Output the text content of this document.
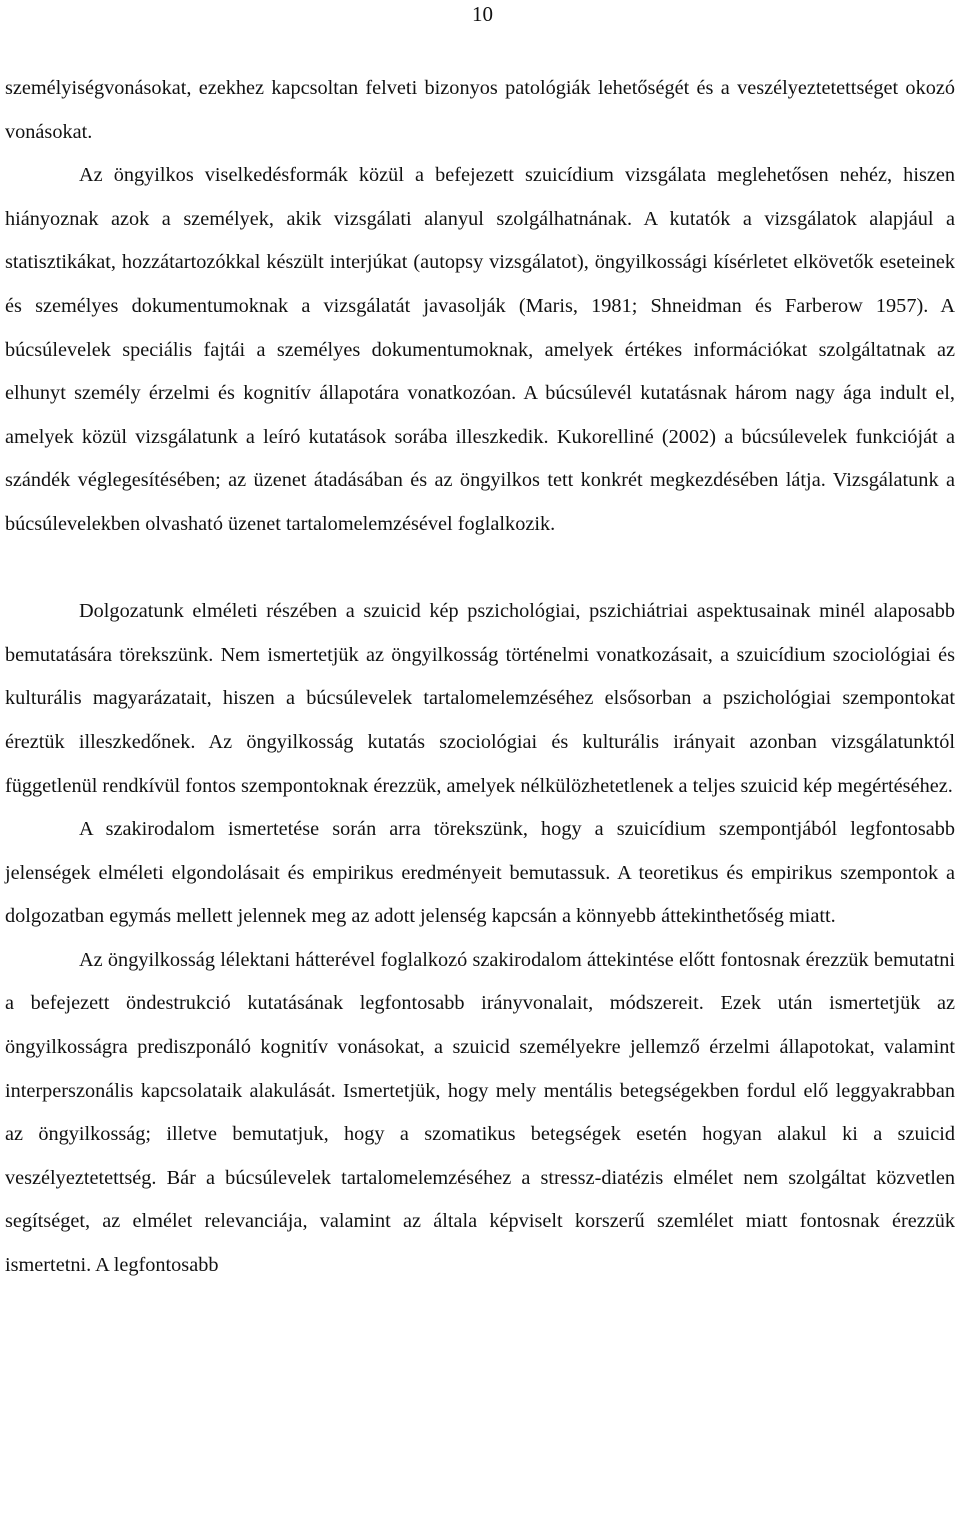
10

személyiségvonásokat, ezekhez kapcsoltan felveti bizonyos patológiák lehetőségét és a veszélyeztetettséget okozó vonásokat.

Az öngyilkos viselkedésformák közül a befejezett szuicídium vizsgálata meglehetősen nehéz, hiszen hiányoznak azok a személyek, akik vizsgálati alanyul szolgálhatnának. A kutatók a vizsgálatok alapjául a statisztikákat, hozzátartozókkal készült interjúkat (autopsy vizsgálatot), öngyilkossági kísérletet elkövetők eseteinek és személyes dokumentumoknak a vizsgálatát javasolják (Maris, 1981; Shneidman és Farberow 1957). A búcsúlevelek speciális fajtái a személyes dokumentumoknak, amelyek értékes információkat szolgáltatnak az elhunyt személy érzelmi és kognitív állapotára vonatkozóan. A búcsúlevél kutatásnak három nagy ága indult el, amelyek közül vizsgálatunk a leíró kutatások sorába illeszkedik. Kukorelliné (2002) a búcsúlevelek funkcióját a szándék véglegesítésében; az üzenet átadásában és az öngyilkos tett konkrét megkezdésében látja. Vizsgálatunk a búcsúlevelekben olvasható üzenet tartalomelemzésével foglalkozik.

Dolgozatunk elméleti részében a szuicid kép pszichológiai, pszichiátriai aspektusainak minél alaposabb bemutatására törekszünk. Nem ismertetjük az öngyilkosság történelmi vonatkozásait, a szuicídium szociológiai és kulturális magyarázatait, hiszen a búcsúlevelek tartalomelemzéséhez elsősorban a pszichológiai szempontokat éreztük illeszkedőnek. Az öngyilkosság kutatás szociológiai és kulturális irányait azonban vizsgálatunktól függetlenül rendkívül fontos szempontoknak érezzük, amelyek nélkülözhetetlenek a teljes szuicid kép megértéséhez.

A szakirodalom ismertetése során arra törekszünk, hogy a szuicídium szempontjából legfontosabb jelenségek elméleti elgondolásait és empirikus eredményeit bemutassuk. A teoretikus és empirikus szempontok a dolgozatban egymás mellett jelennek meg az adott jelenség kapcsán a könnyebb áttekinthetőség miatt.

Az öngyilkosság lélektani hátterével foglalkozó szakirodalom áttekintése előtt fontosnak érezzük bemutatni a befejezett öndestrukció kutatásának legfontosabb irányvonalait, módszereit. Ezek után ismertetjük az öngyilkosságra prediszponáló kognitív vonásokat, a szuicid személyekre jellemző érzelmi állapotokat, valamint interperszonális kapcsolataik alakulását. Ismertetjük, hogy mely mentális betegségekben fordul elő leggyakrabban az öngyilkosság; illetve bemutatjuk, hogy a szomatikus betegségek esetén hogyan alakul ki a szuicid veszélyeztetettség. Bár a búcsúlevelek tartalomelemzéséhez a stressz-diatézis elmélet nem szolgáltat közvetlen segítséget, az elmélet relevanciája, valamint az általa képviselt korszerű szemlélet miatt fontosnak érezzük ismertetni. A legfontosabb
